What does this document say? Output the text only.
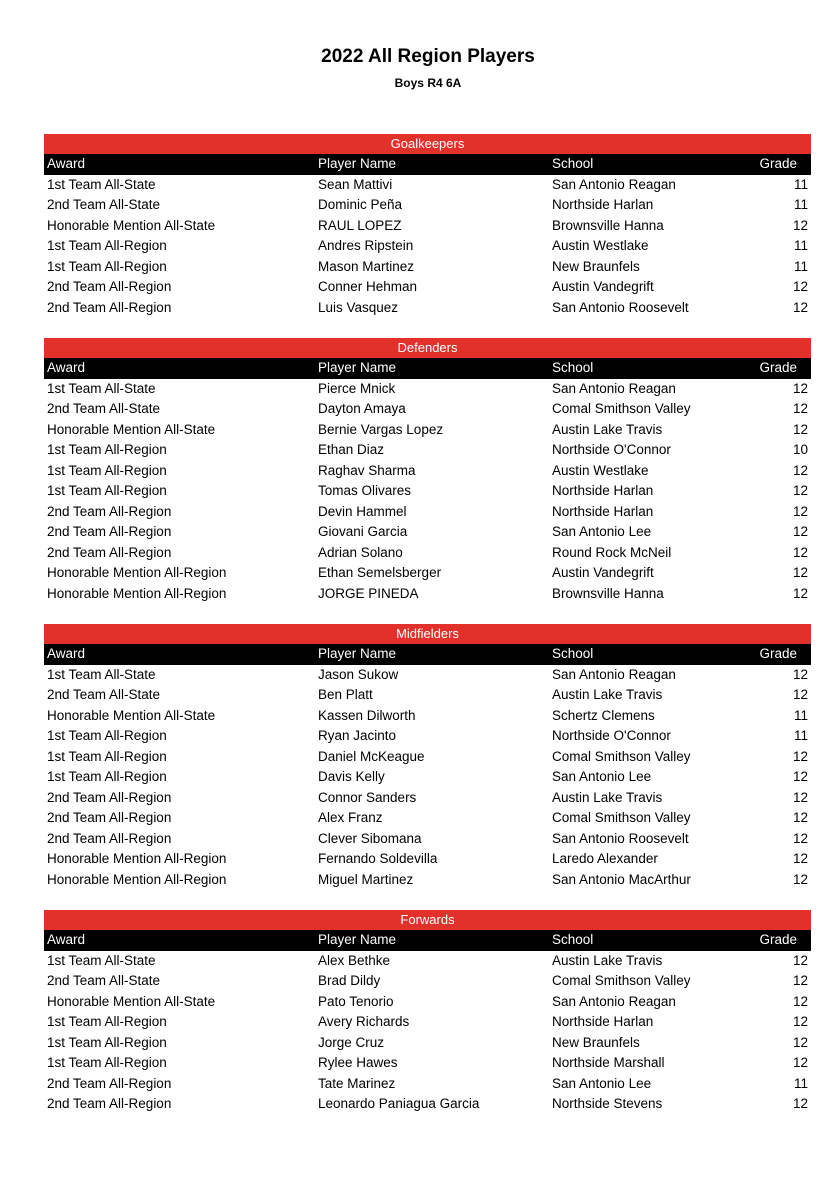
2022 All Region Players
Boys R4 6A
Goalkeepers
Award	Player Name	School	Grade
1st Team All-State	Sean Mattivi	San Antonio Reagan	11
2nd Team All-State	Dominic Peña	Northside Harlan	11
Honorable Mention All-State	RAUL LOPEZ	Brownsville Hanna	12
1st Team All-Region	Andres Ripstein	Austin Westlake	11
1st Team All-Region	Mason Martinez	New Braunfels	11
2nd Team All-Region	Conner Hehman	Austin Vandegrift	12
2nd Team All-Region	Luis Vasquez	San Antonio Roosevelt	12
Defenders
Award	Player Name	School	Grade
1st Team All-State	Pierce Mnick	San Antonio Reagan	12
2nd Team All-State	Dayton Amaya	Comal Smithson Valley	12
Honorable Mention All-State	Bernie Vargas Lopez	Austin Lake Travis	12
1st Team All-Region	Ethan Diaz	Northside O'Connor	10
1st Team All-Region	Raghav Sharma	Austin Westlake	12
1st Team All-Region	Tomas Olivares	Northside Harlan	12
2nd Team All-Region	Devin Hammel	Northside Harlan	12
2nd Team All-Region	Giovani Garcia	San Antonio Lee	12
2nd Team All-Region	Adrian Solano	Round Rock McNeil	12
Honorable Mention All-Region	Ethan Semelsberger	Austin Vandegrift	12
Honorable Mention All-Region	JORGE PINEDA	Brownsville Hanna	12
Midfielders
Award	Player Name	School	Grade
1st Team All-State	Jason Sukow	San Antonio Reagan	12
2nd Team All-State	Ben Platt	Austin Lake Travis	12
Honorable Mention All-State	Kassen Dilworth	Schertz Clemens	11
1st Team All-Region	Ryan Jacinto	Northside O'Connor	11
1st Team All-Region	Daniel McKeague	Comal Smithson Valley	12
1st Team All-Region	Davis Kelly	San Antonio Lee	12
2nd Team All-Region	Connor Sanders	Austin Lake Travis	12
2nd Team All-Region	Alex Franz	Comal Smithson Valley	12
2nd Team All-Region	Clever Sibomana	San Antonio Roosevelt	12
Honorable Mention All-Region	Fernando Soldevilla	Laredo Alexander	12
Honorable Mention All-Region	Miguel Martinez	San Antonio MacArthur	12
Forwards
Award	Player Name	School	Grade
1st Team All-State	Alex Bethke	Austin Lake Travis	12
2nd Team All-State	Brad Dildy	Comal Smithson Valley	12
Honorable Mention All-State	Pato Tenorio	San Antonio Reagan	12
1st Team All-Region	Avery Richards	Northside Harlan	12
1st Team All-Region	Jorge Cruz	New Braunfels	12
1st Team All-Region	Rylee Hawes	Northside Marshall	12
2nd Team All-Region	Tate Marinez	San Antonio Lee	11
2nd Team All-Region	Leonardo Paniagua Garcia	Northside Stevens	12
